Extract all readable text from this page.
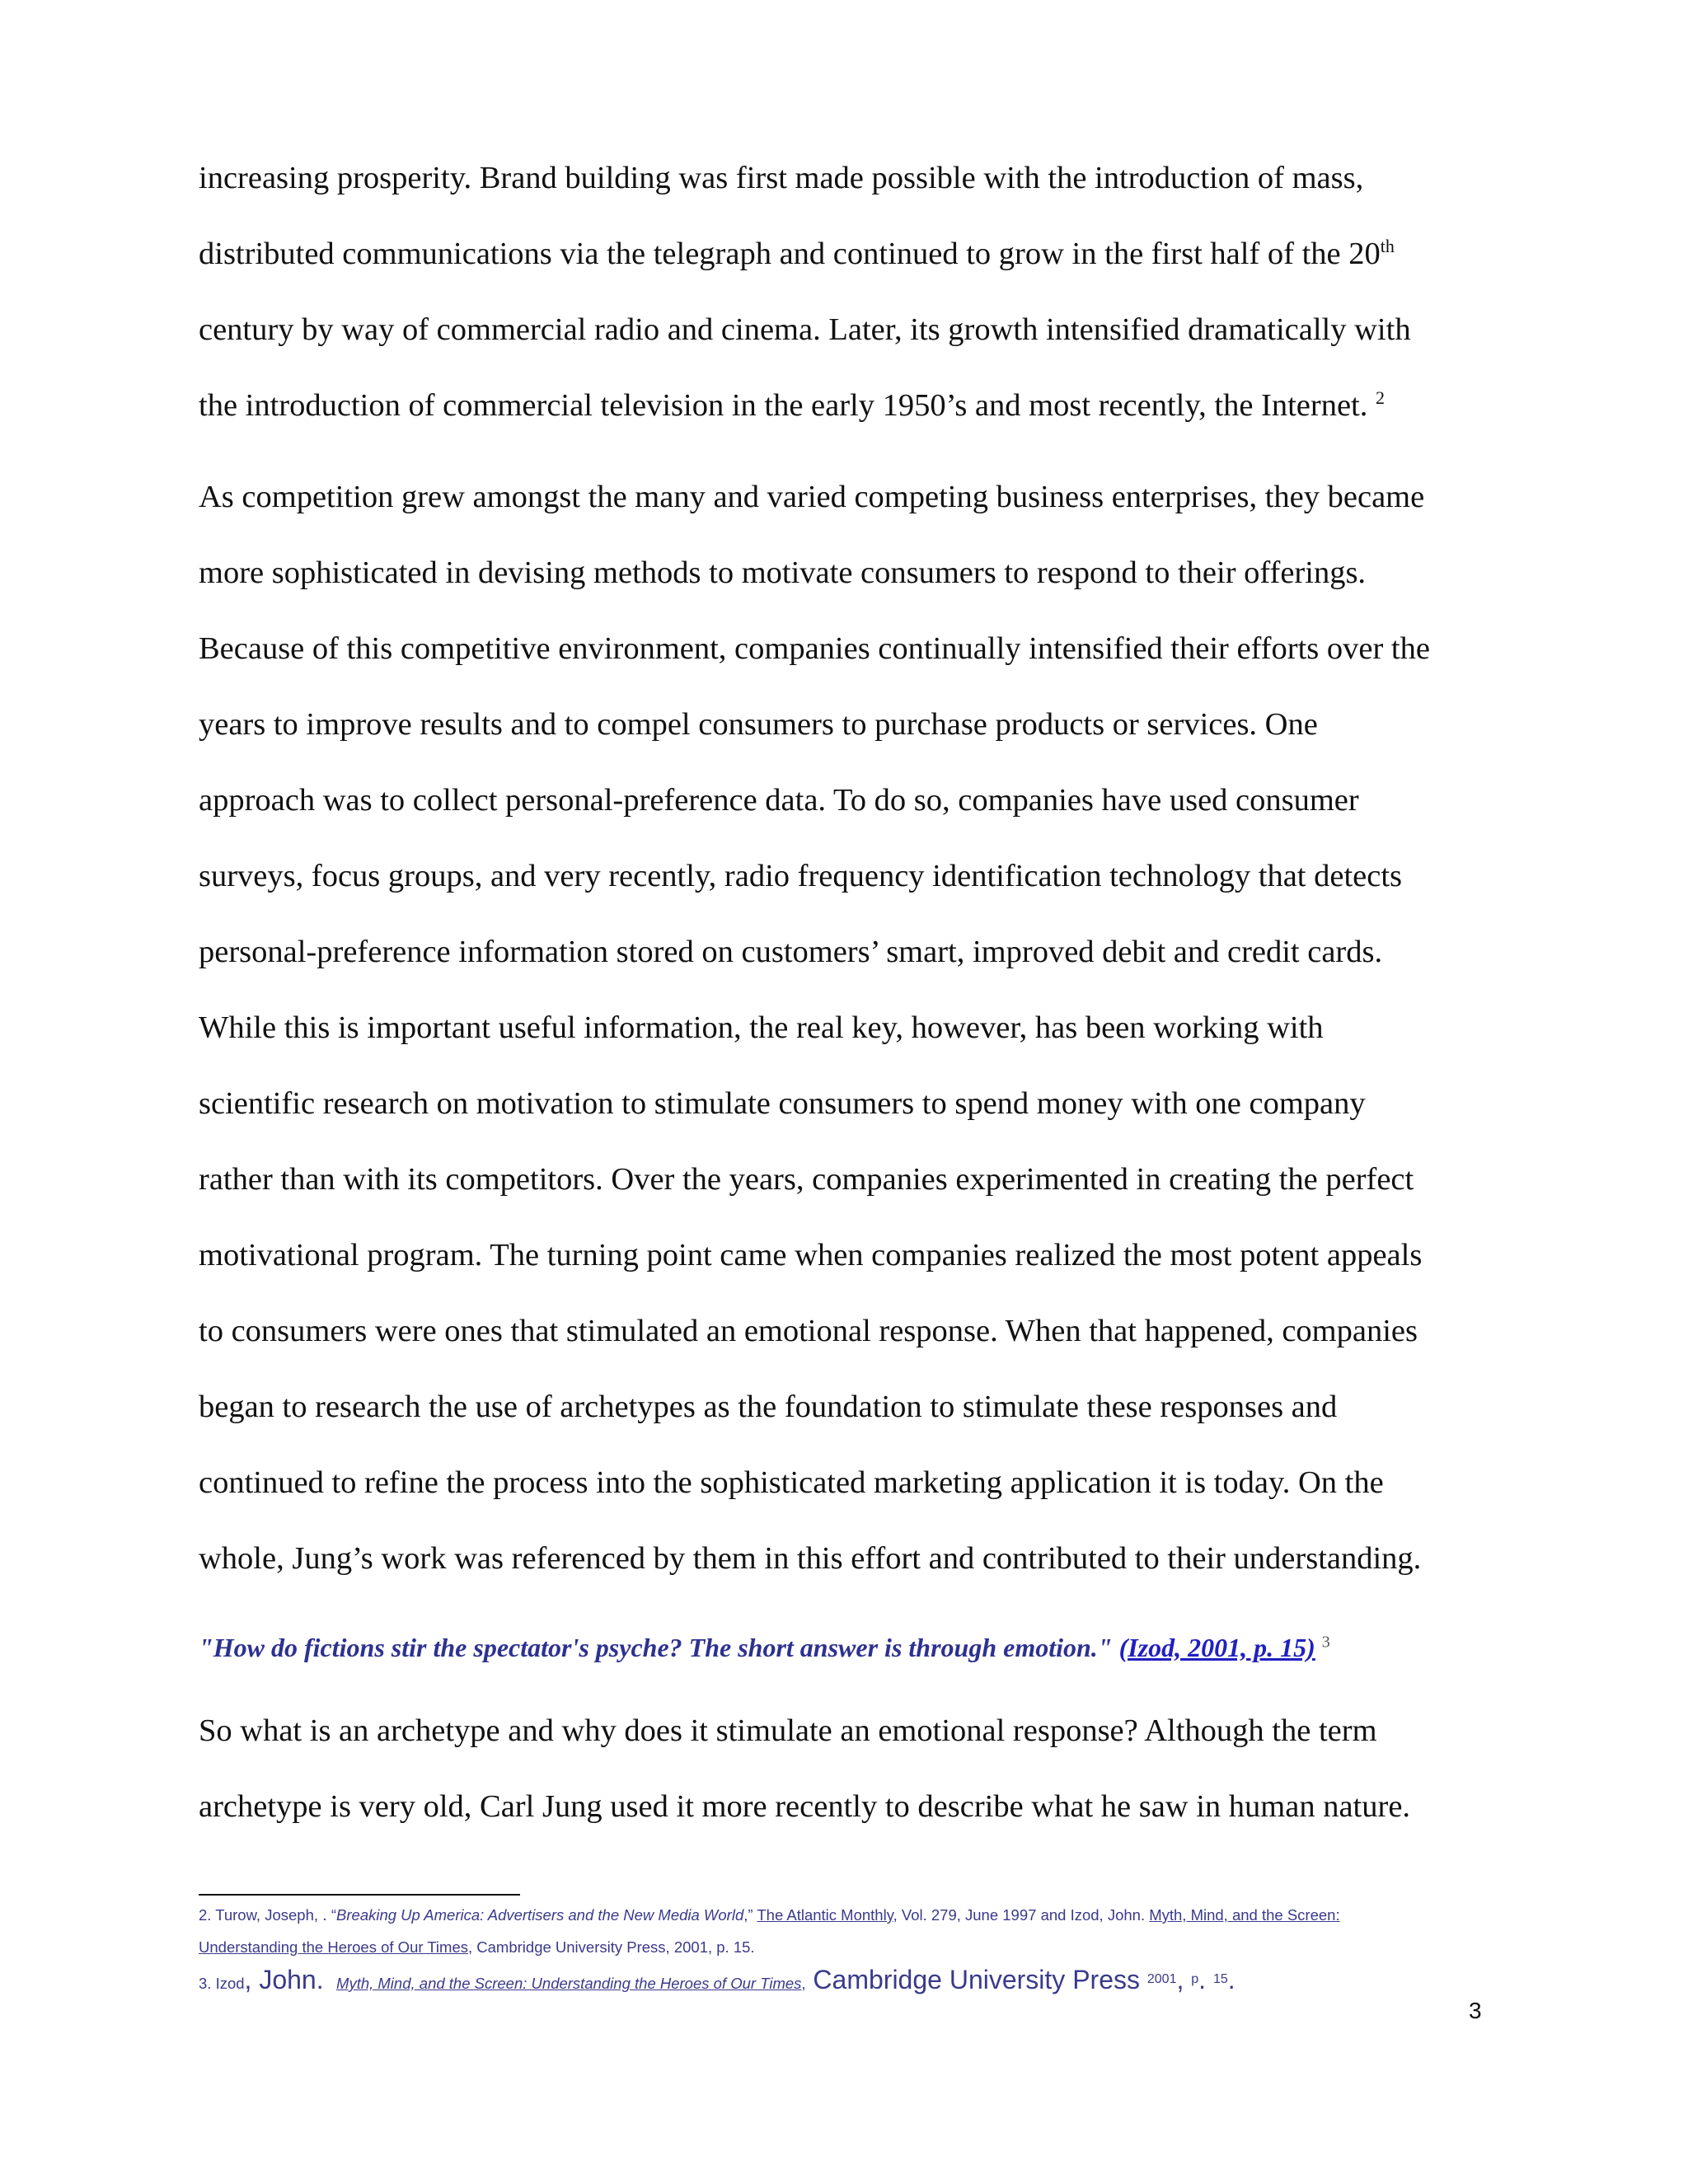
increasing prosperity. Brand building was first made possible with the introduction of mass,
distributed communications via the telegraph and continued to grow in the first half of the 20th
century by way of commercial radio and cinema. Later, its growth intensified dramatically with
the introduction of commercial television in the early 1950’s and most recently, the Internet. $^2$
As competition grew amongst the many and varied competing business enterprises, they became
more sophisticated in devising methods to motivate consumers to respond to their offerings.
Because of this competitive environment, companies continually intensified their efforts over the
years to improve results and to compel consumers to purchase products or services. One
approach was to collect personal-preference data. To do so, companies have used consumer
surveys, focus groups, and very recently, radio frequency identification technology that detects
personal-preference information stored on customers’ smart, improved debit and credit cards.
While this is important useful information, the real key, however, has been working with
scientific research on motivation to stimulate consumers to spend money with one company
rather than with its competitors. Over the years, companies experimented in creating the perfect
motivational program. The turning point came when companies realized the most potent appeals
to consumers were ones that stimulated an emotional response. When that happened, companies
began to research the use of archetypes as the foundation to stimulate these responses and
continued to refine the process into the sophisticated marketing application it is today. On the
whole, Jung’s work was referenced by them in this effort and contributed to their understanding.
"How do fictions stir the spectator's psyche? The short answer is through emotion." (Izod, 2001, p. 15) $^3$
So what is an archetype and why does it stimulate an emotional response? Although the term
archetype is very old, Carl Jung used it more recently to describe what he saw in human nature.
2. Turow, Joseph, . “Breaking Up America: Advertisers and the New Media World,” The Atlantic Monthly, Vol. 279, June 1997 and Izod, John. Myth, Mind, and the Screen:
Understanding the Heroes of Our Times, Cambridge University Press, 2001, p. 15.
3. Izod, John. Myth, Mind, and the Screen: Understanding the Heroes of Our Times, Cambridge University Press $^{2001}$, $^p$. $^{15}$.
3
